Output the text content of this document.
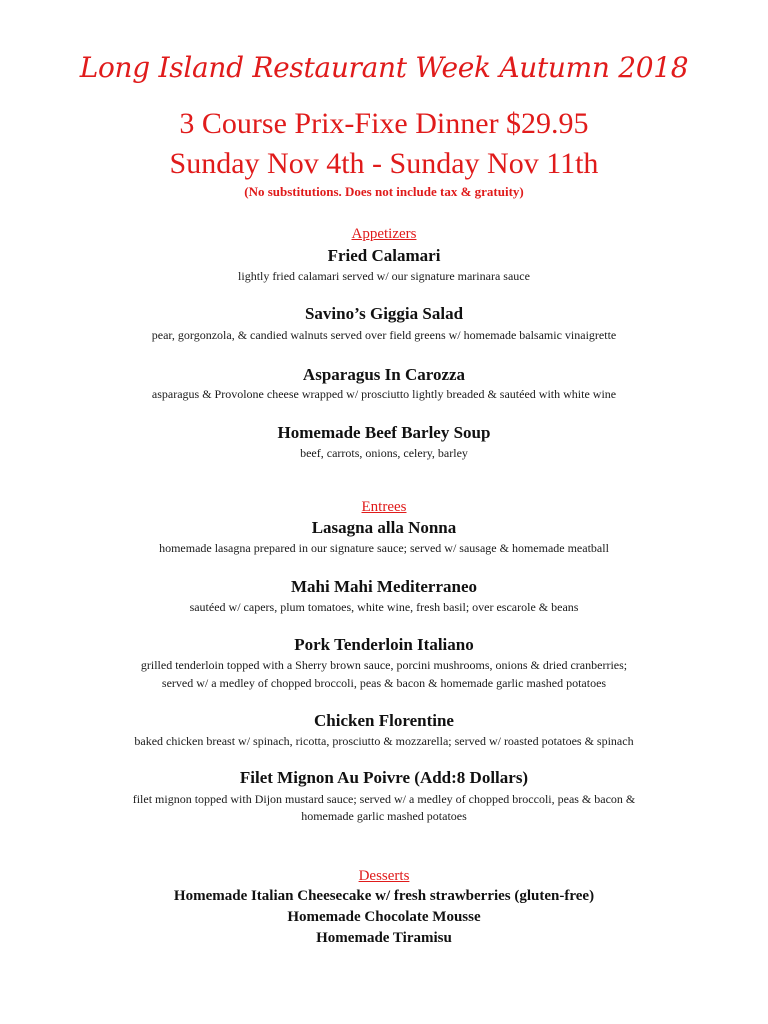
Long Island Restaurant Week Autumn 2018
3 Course Prix-Fixe Dinner $29.95
Sunday Nov 4th - Sunday Nov 11th
(No substitutions. Does not include tax & gratuity)
Appetizers
Fried Calamari
lightly fried calamari served w/ our signature marinara sauce
Savino’s Giggia Salad
pear, gorgonzola, & candied walnuts served over field greens w/ homemade balsamic vinaigrette
Asparagus In Carozza
asparagus & Provolone cheese wrapped w/ prosciutto lightly breaded & sautéed with white wine
Homemade Beef Barley Soup
beef, carrots, onions, celery, barley
Entrees
Lasagna alla Nonna
homemade lasagna prepared in our signature sauce; served w/ sausage & homemade meatball
Mahi Mahi Mediterraneo
sautéed w/ capers, plum tomatoes, white wine, fresh basil; over escarole & beans
Pork Tenderloin Italiano
grilled tenderloin topped with a Sherry brown sauce, porcini mushrooms, onions & dried cranberries;
served w/ a medley of chopped broccoli, peas & bacon & homemade garlic mashed potatoes
Chicken Florentine
baked chicken breast w/ spinach, ricotta, prosciutto & mozzarella; served w/ roasted potatoes & spinach
Filet Mignon Au Poivre (Add:8 Dollars)
filet mignon topped with Dijon mustard sauce; served w/ a medley of chopped broccoli, peas & bacon &
homemade garlic mashed potatoes
Desserts
Homemade Italian Cheesecake w/ fresh strawberries (gluten-free)
Homemade Chocolate Mousse
Homemade Tiramisu
